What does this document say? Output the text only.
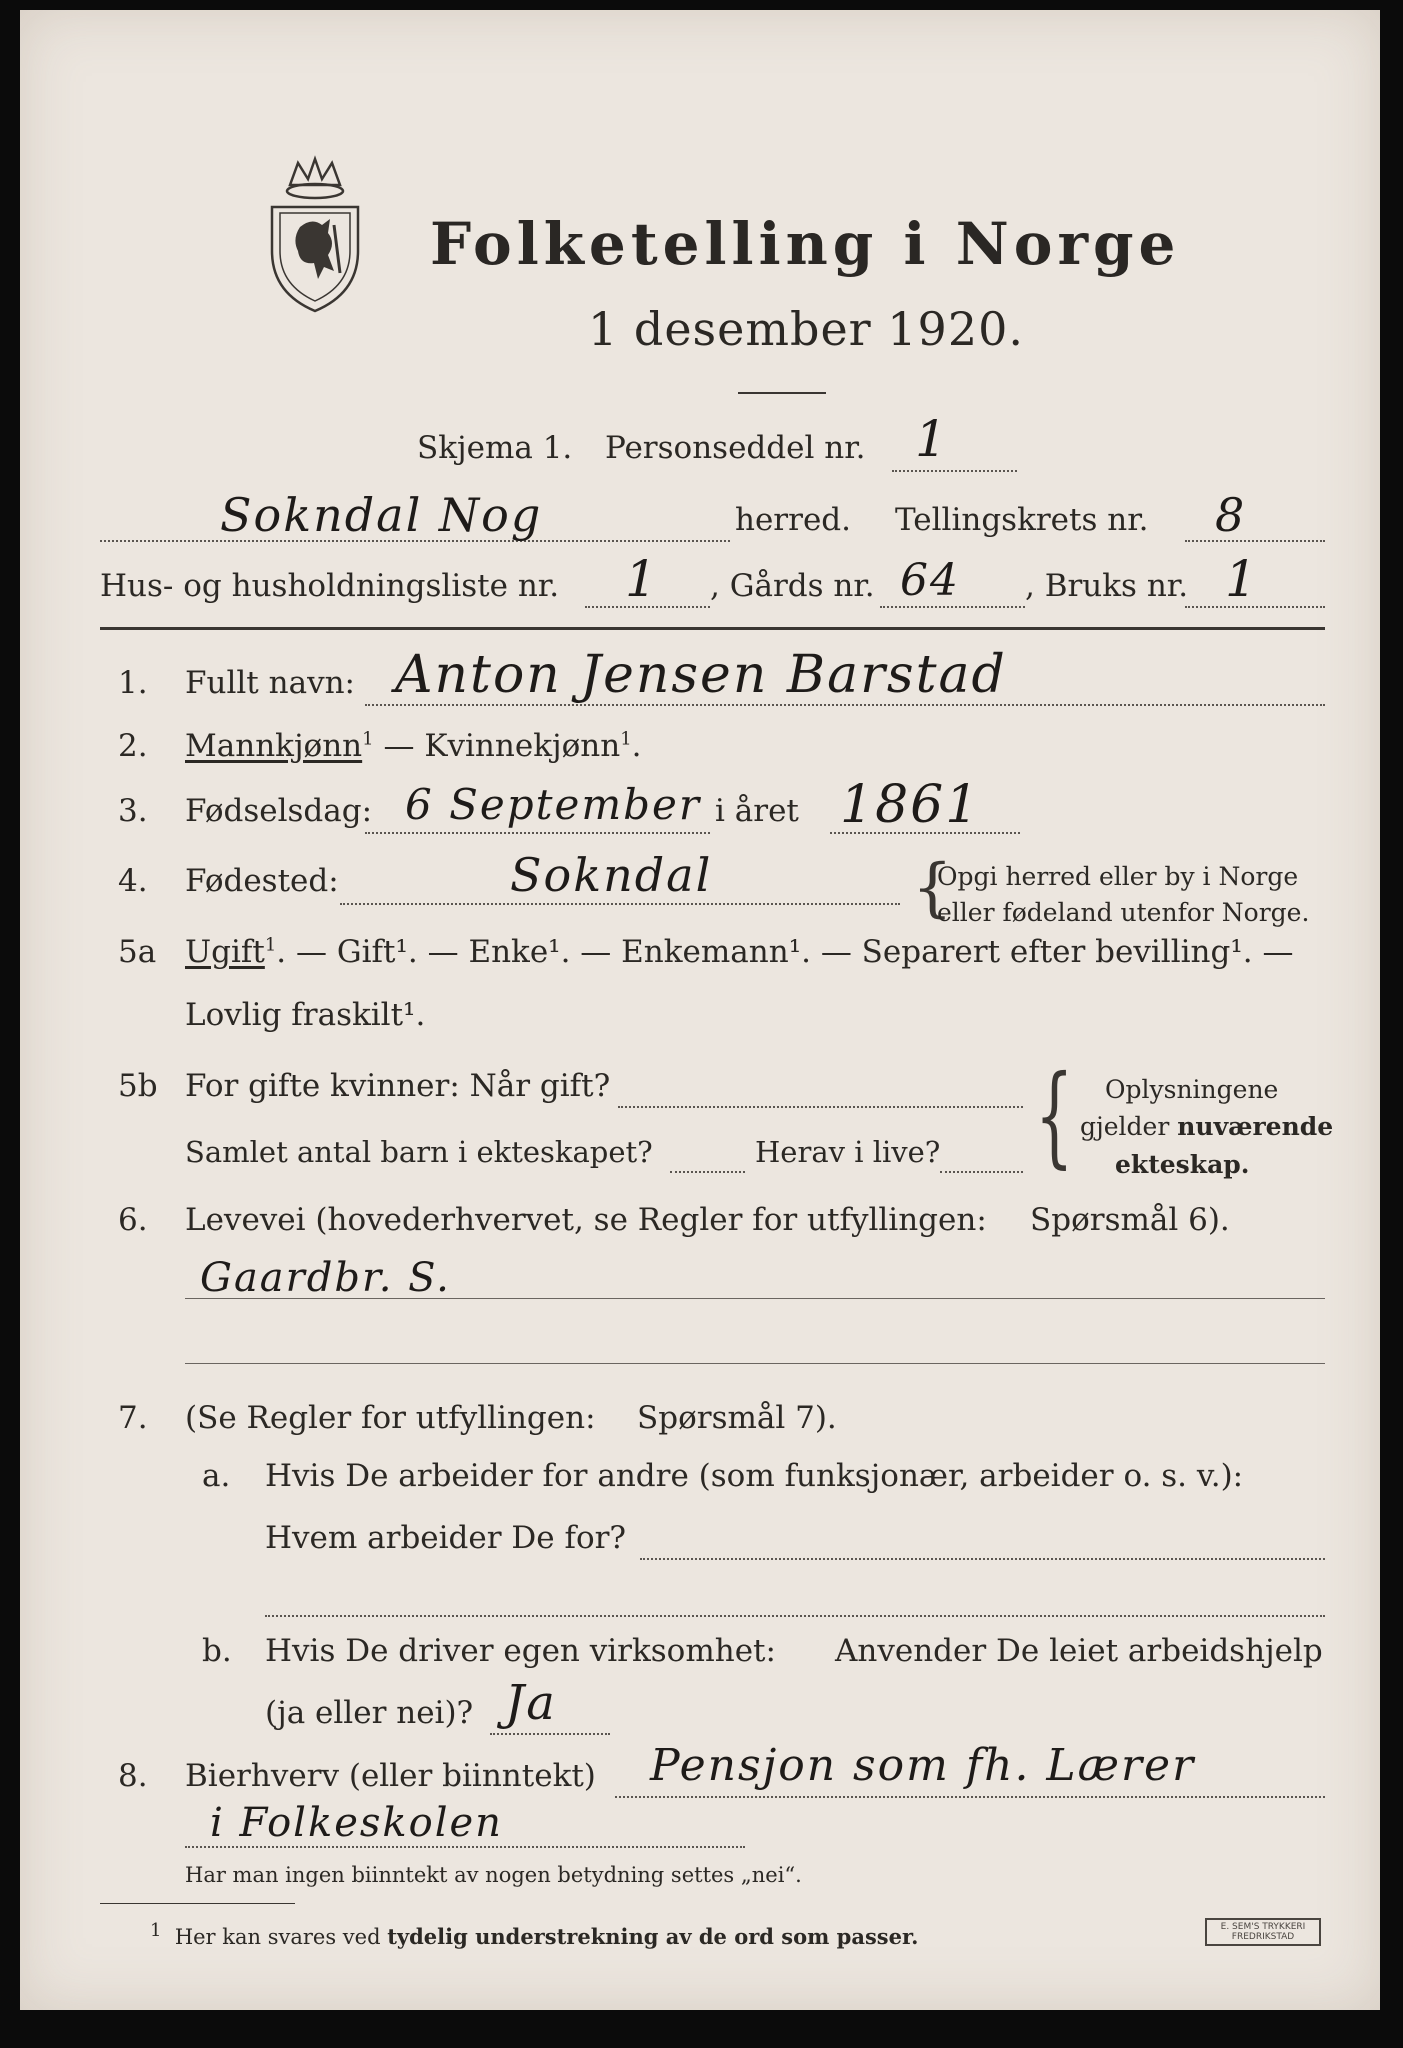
Folketelling i Norge
1 desember 1920.
Skjema 1. Personseddel nr. 1
Sokndal Nog	herred. Tellingskrets nr. 8
Hus- og husholdningsliste nr. 1 , Gårds nr. 64 , Bruks nr. 1
1. Fullt navn: Anton Jensen Barstad
2. Mannkjønn$^1$ — Kvinnekjønn$^1$.
3. Fødselsdag: 6 September i året 1861
4. Fødested:	Sokndal	{
Opgi herred eller by i Norge
eller fødeland utenfor Norge.
5a Ugift$^1$. — Gift¹. — Enke¹. — Enkemann¹. — Separert efter bevilling¹. —
Lovlig fraskilt¹.
5b For gifte kvinner: Når gift?
Samlet antal barn i ekteskapet?	Herav i live? { Oplysningene
gjelder nuværende
ekteskap.
6. Levevei (hovederhvervet, se Regler for utfyllingen: Spørsmål 6).
Gaardbr. S.
7. (Se Regler for utfyllingen: Spørsmål 7).
a. Hvis De arbeider for andre (som funksjonær, arbeider o. s. v.):
Hvem arbeider De for?
b. Hvis De driver egen virksomhet: Anvender De leiet arbeidshjelp
(ja eller nei)? Ja
8. Bierhverv (eller biinntekt) Pensjon som fh. Lærer
i Folkeskolen
Har man ingen biinntekt av nogen betydning settes „nei“.
$^1$ Her kan svares ved tydelig understrekning av de ord som passer.	E. SEM'S TRYKKERI
FREDRIKSTAD
